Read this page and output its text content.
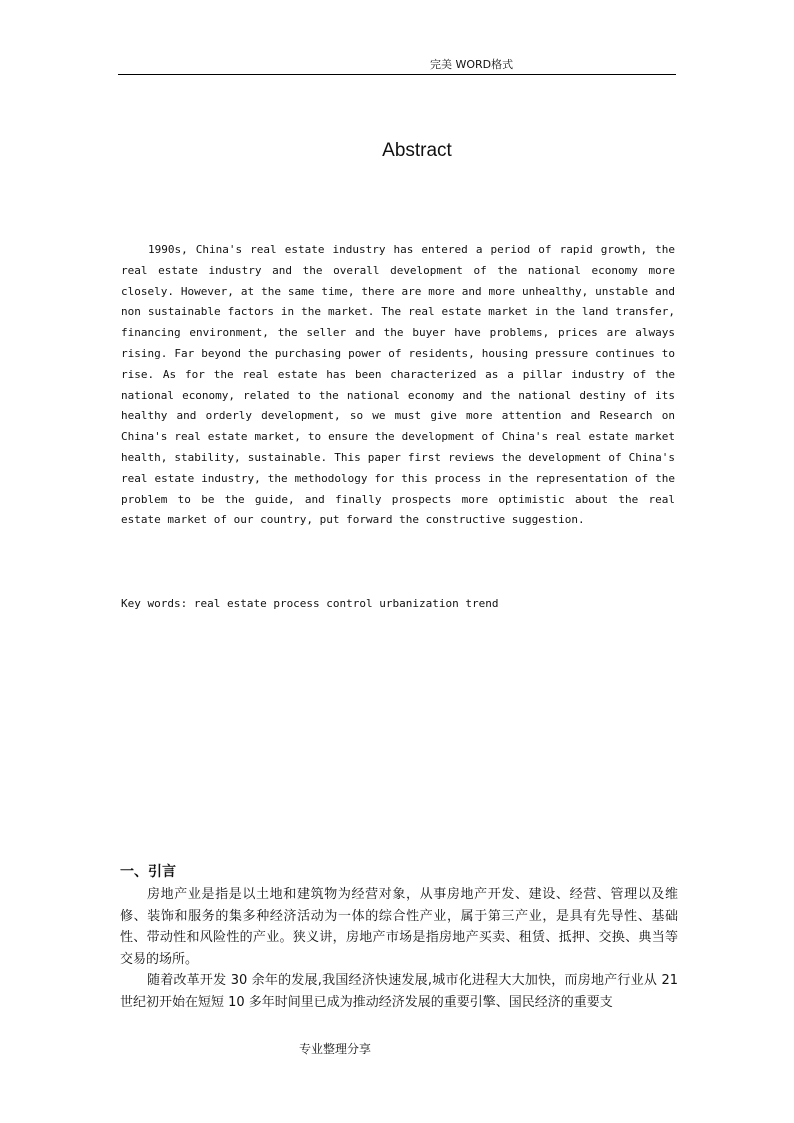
完美 WORD格式
Abstract

1990s, China's real estate industry has entered a period of rapid growth, the real estate industry and the overall development of the national economy more closely. However, at the same time, there are more and more unhealthy, unstable and non sustainable factors in the market. The real estate market in the land transfer, financing environment, the seller and the buyer have problems, prices are always rising. Far beyond the purchasing power of residents, housing pressure continues to rise. As for the real estate has been characterized as a pillar industry of the national economy, related to the national economy and the national destiny of its healthy and orderly development, so we must give more attention and Research on China's real estate market, to ensure the development of China's real estate market health, stability, sustainable. This paper first reviews the development of China's real estate industry, the methodology for this process in the representation of the problem to be the guide, and finally prospects more optimistic about the real estate market of our country, put forward the constructive suggestion.

Key words: real estate process control urbanization trend
一、引言

房地产业是指是以土地和建筑物为经营对象，从事房地产开发、建设、经营、管理以及维修、装饰和服务的集多种经济活动为一体的综合性产业，属于第三产业，是具有先导性、基础性、带动性和风险性的产业。狭义讲，房地产市场是指房地产买卖、租赁、抵押、交换、典当等交易的场所。

随着改革开发 30 余年的发展,我国经济快速发展,城市化进程大大加快，而房地产行业从 21 世纪初开始在短短 10 多年时间里已成为推动经济发展的重要引擎、国民经济的重要支

专业整理分享
